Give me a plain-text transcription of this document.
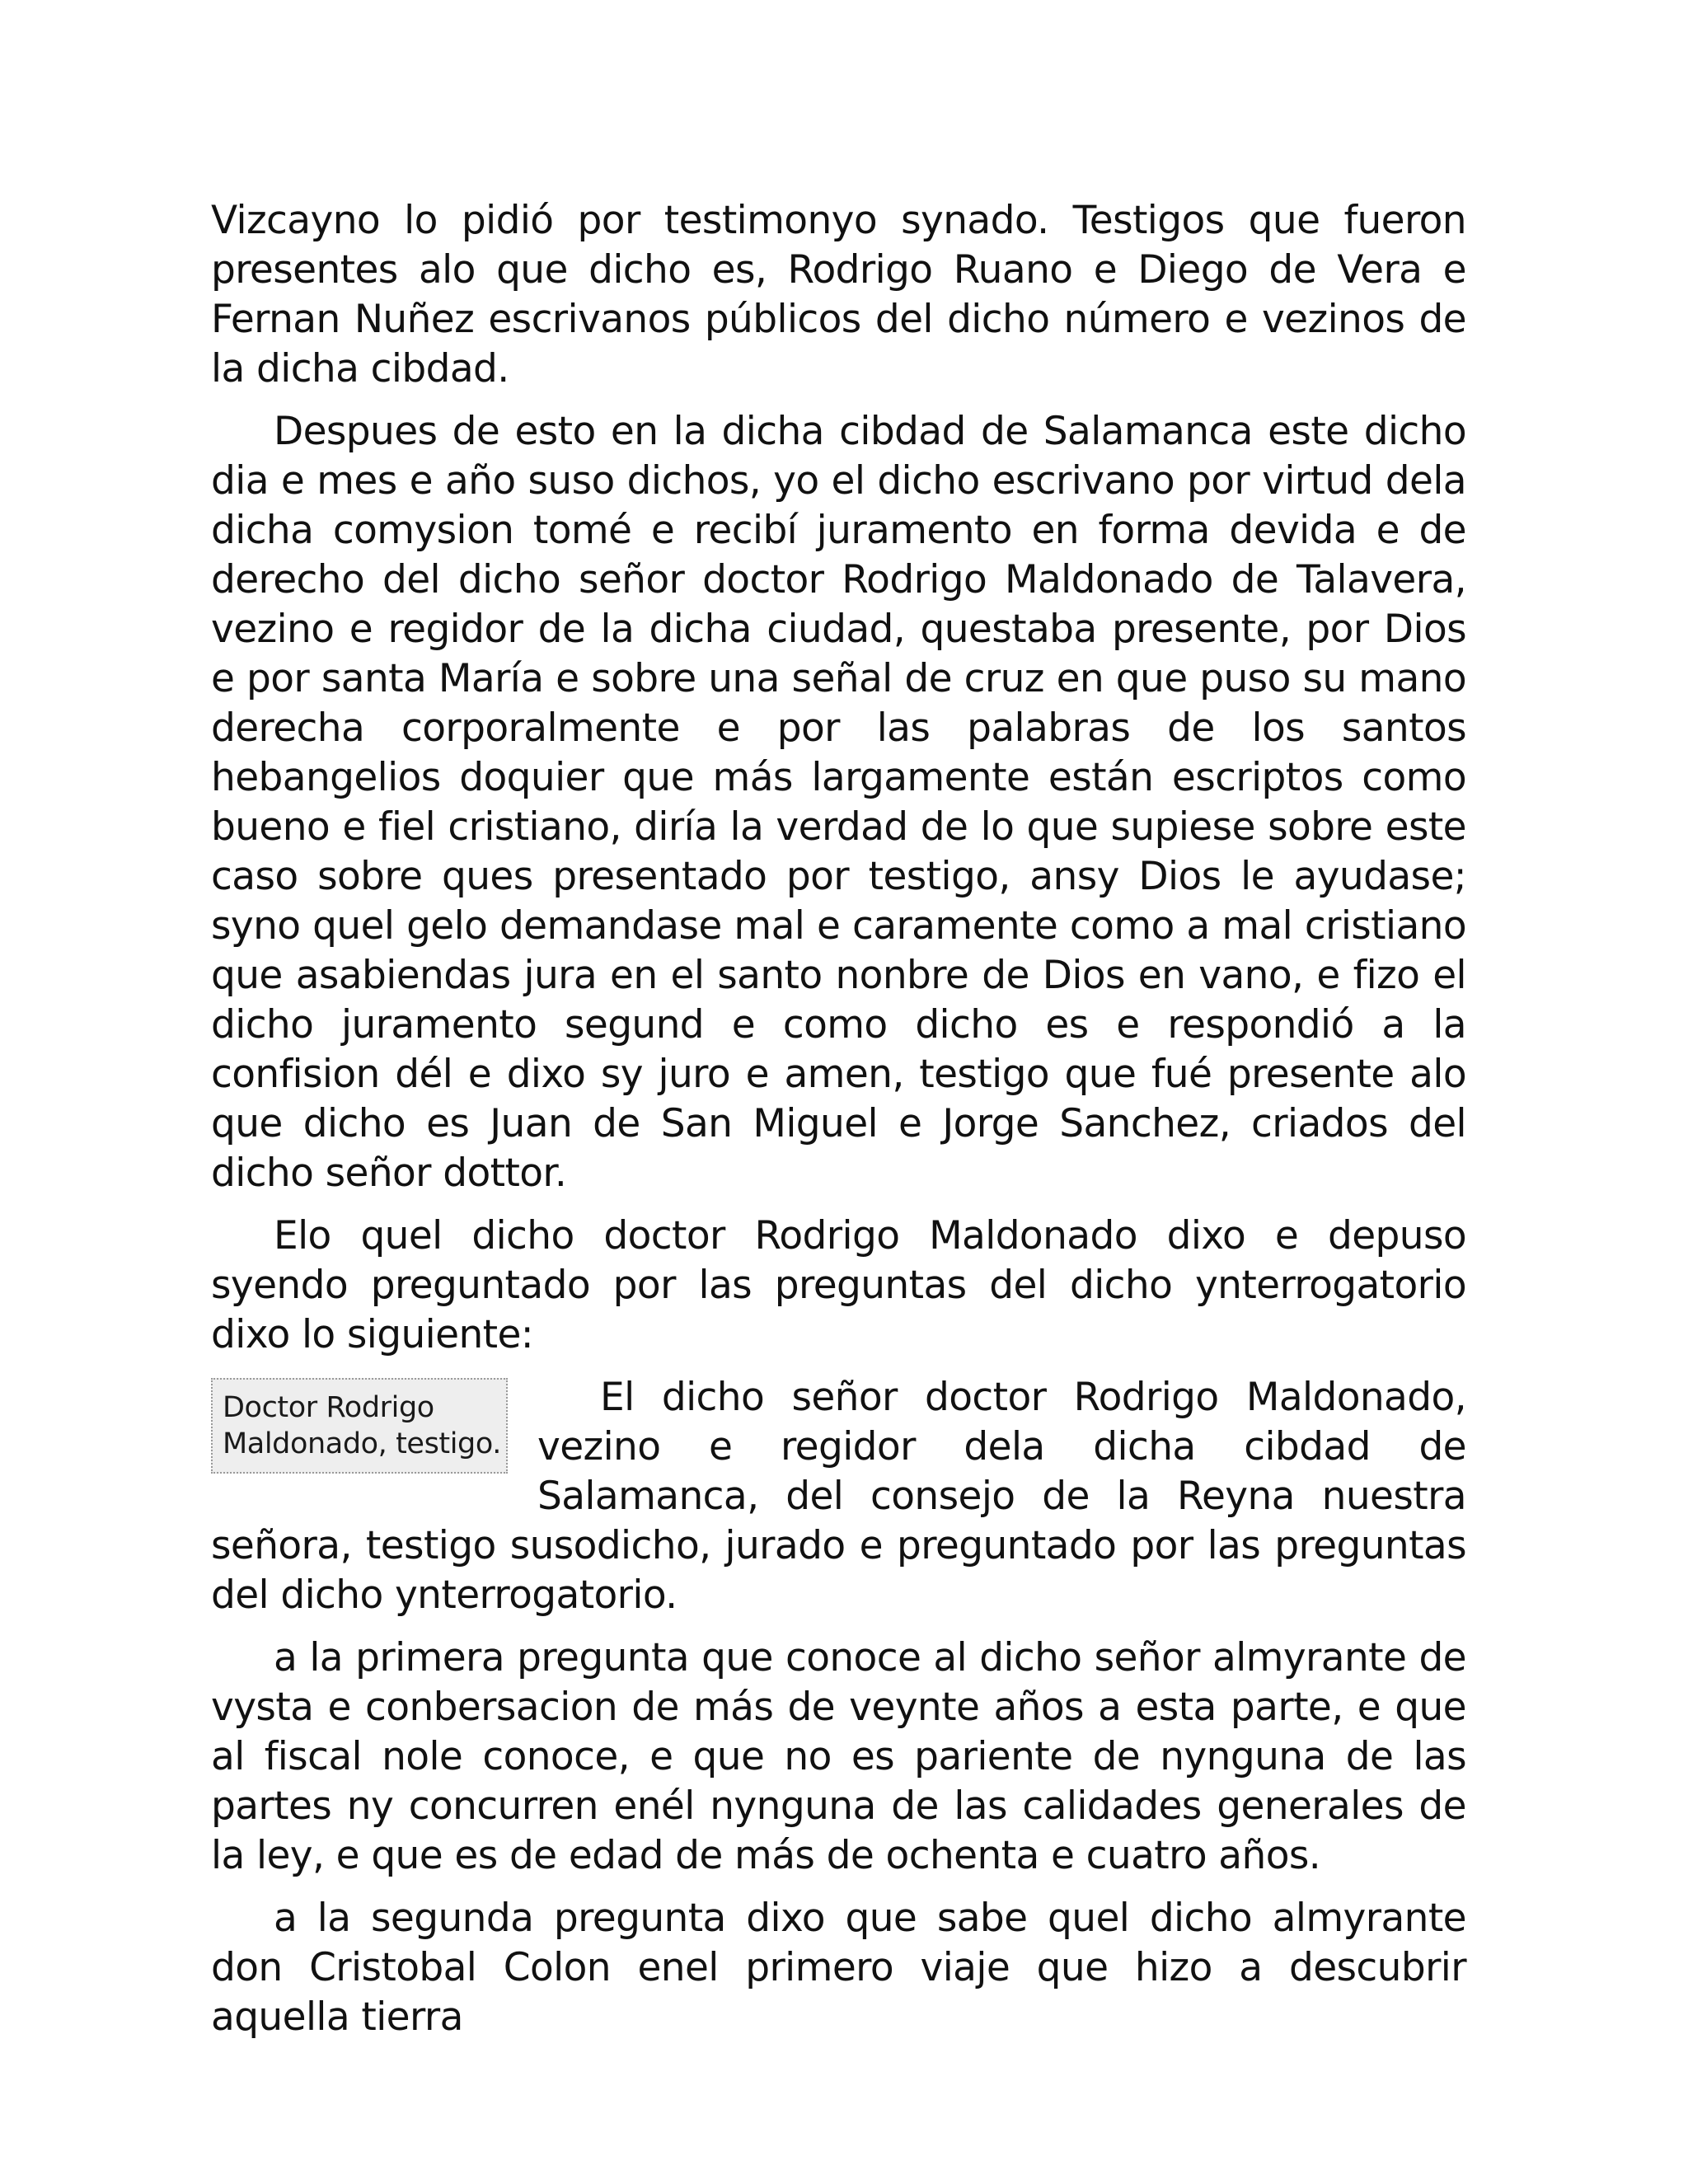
Vizcayno lo pidió por testimonyo synado. Testigos que fueron presentes alo que dicho es, Rodrigo Ruano e Diego de Vera e Fernan Nuñez escrivanos públicos del dicho número e vezinos de la dicha cibdad.

Despues de esto en la dicha cibdad de Salamanca este dicho dia e mes e año suso dichos, yo el dicho escrivano por virtud dela dicha comysion tomé e recibí juramento en forma devida e de derecho del dicho señor doctor Rodrigo Maldonado de Talavera, vezino e regidor de la dicha ciudad, questaba presente, por Dios e por santa María e sobre una señal de cruz en que puso su mano derecha corporalmente e por las palabras de los santos hebangelios doquier que más largamente están escriptos como bueno e fiel cristiano, diría la verdad de lo que supiese sobre este caso sobre ques presentado por testigo, ansy Dios le ayudase; syno quel gelo demandase mal e caramente como a mal cristiano que asabiendas jura en el santo nonbre de Dios en vano, e fizo el dicho juramento segund e como dicho es e respondió a la confision dél e dixo sy juro e amen, testigo que fué presente alo que dicho es Juan de San Miguel e Jorge Sanchez, criados del dicho señor dottor.

Elo quel dicho doctor Rodrigo Maldonado dixo e depuso syendo preguntado por las preguntas del dicho ynterrogatorio dixo lo siguiente:

Doctor Rodrigo
Maldonado, testigo.

El dicho señor doctor Rodrigo Maldonado, vezino e regidor dela dicha cibdad de Salamanca, del consejo de la Reyna nuestra señora, testigo susodicho, jurado e preguntado por las preguntas del dicho ynterrogatorio.

a la primera pregunta que conoce al dicho señor almyrante de vysta e conbersacion de más de veynte años a esta parte, e que al fiscal nole conoce, e que no es pariente de nynguna de las partes ny concurren enél nynguna de las calidades generales de la ley, e que es de edad de más de ochenta e cuatro años.

a la segunda pregunta dixo que sabe quel dicho almyrante don Cristobal Colon enel primero viaje que hizo a descubrir aquella tierra
